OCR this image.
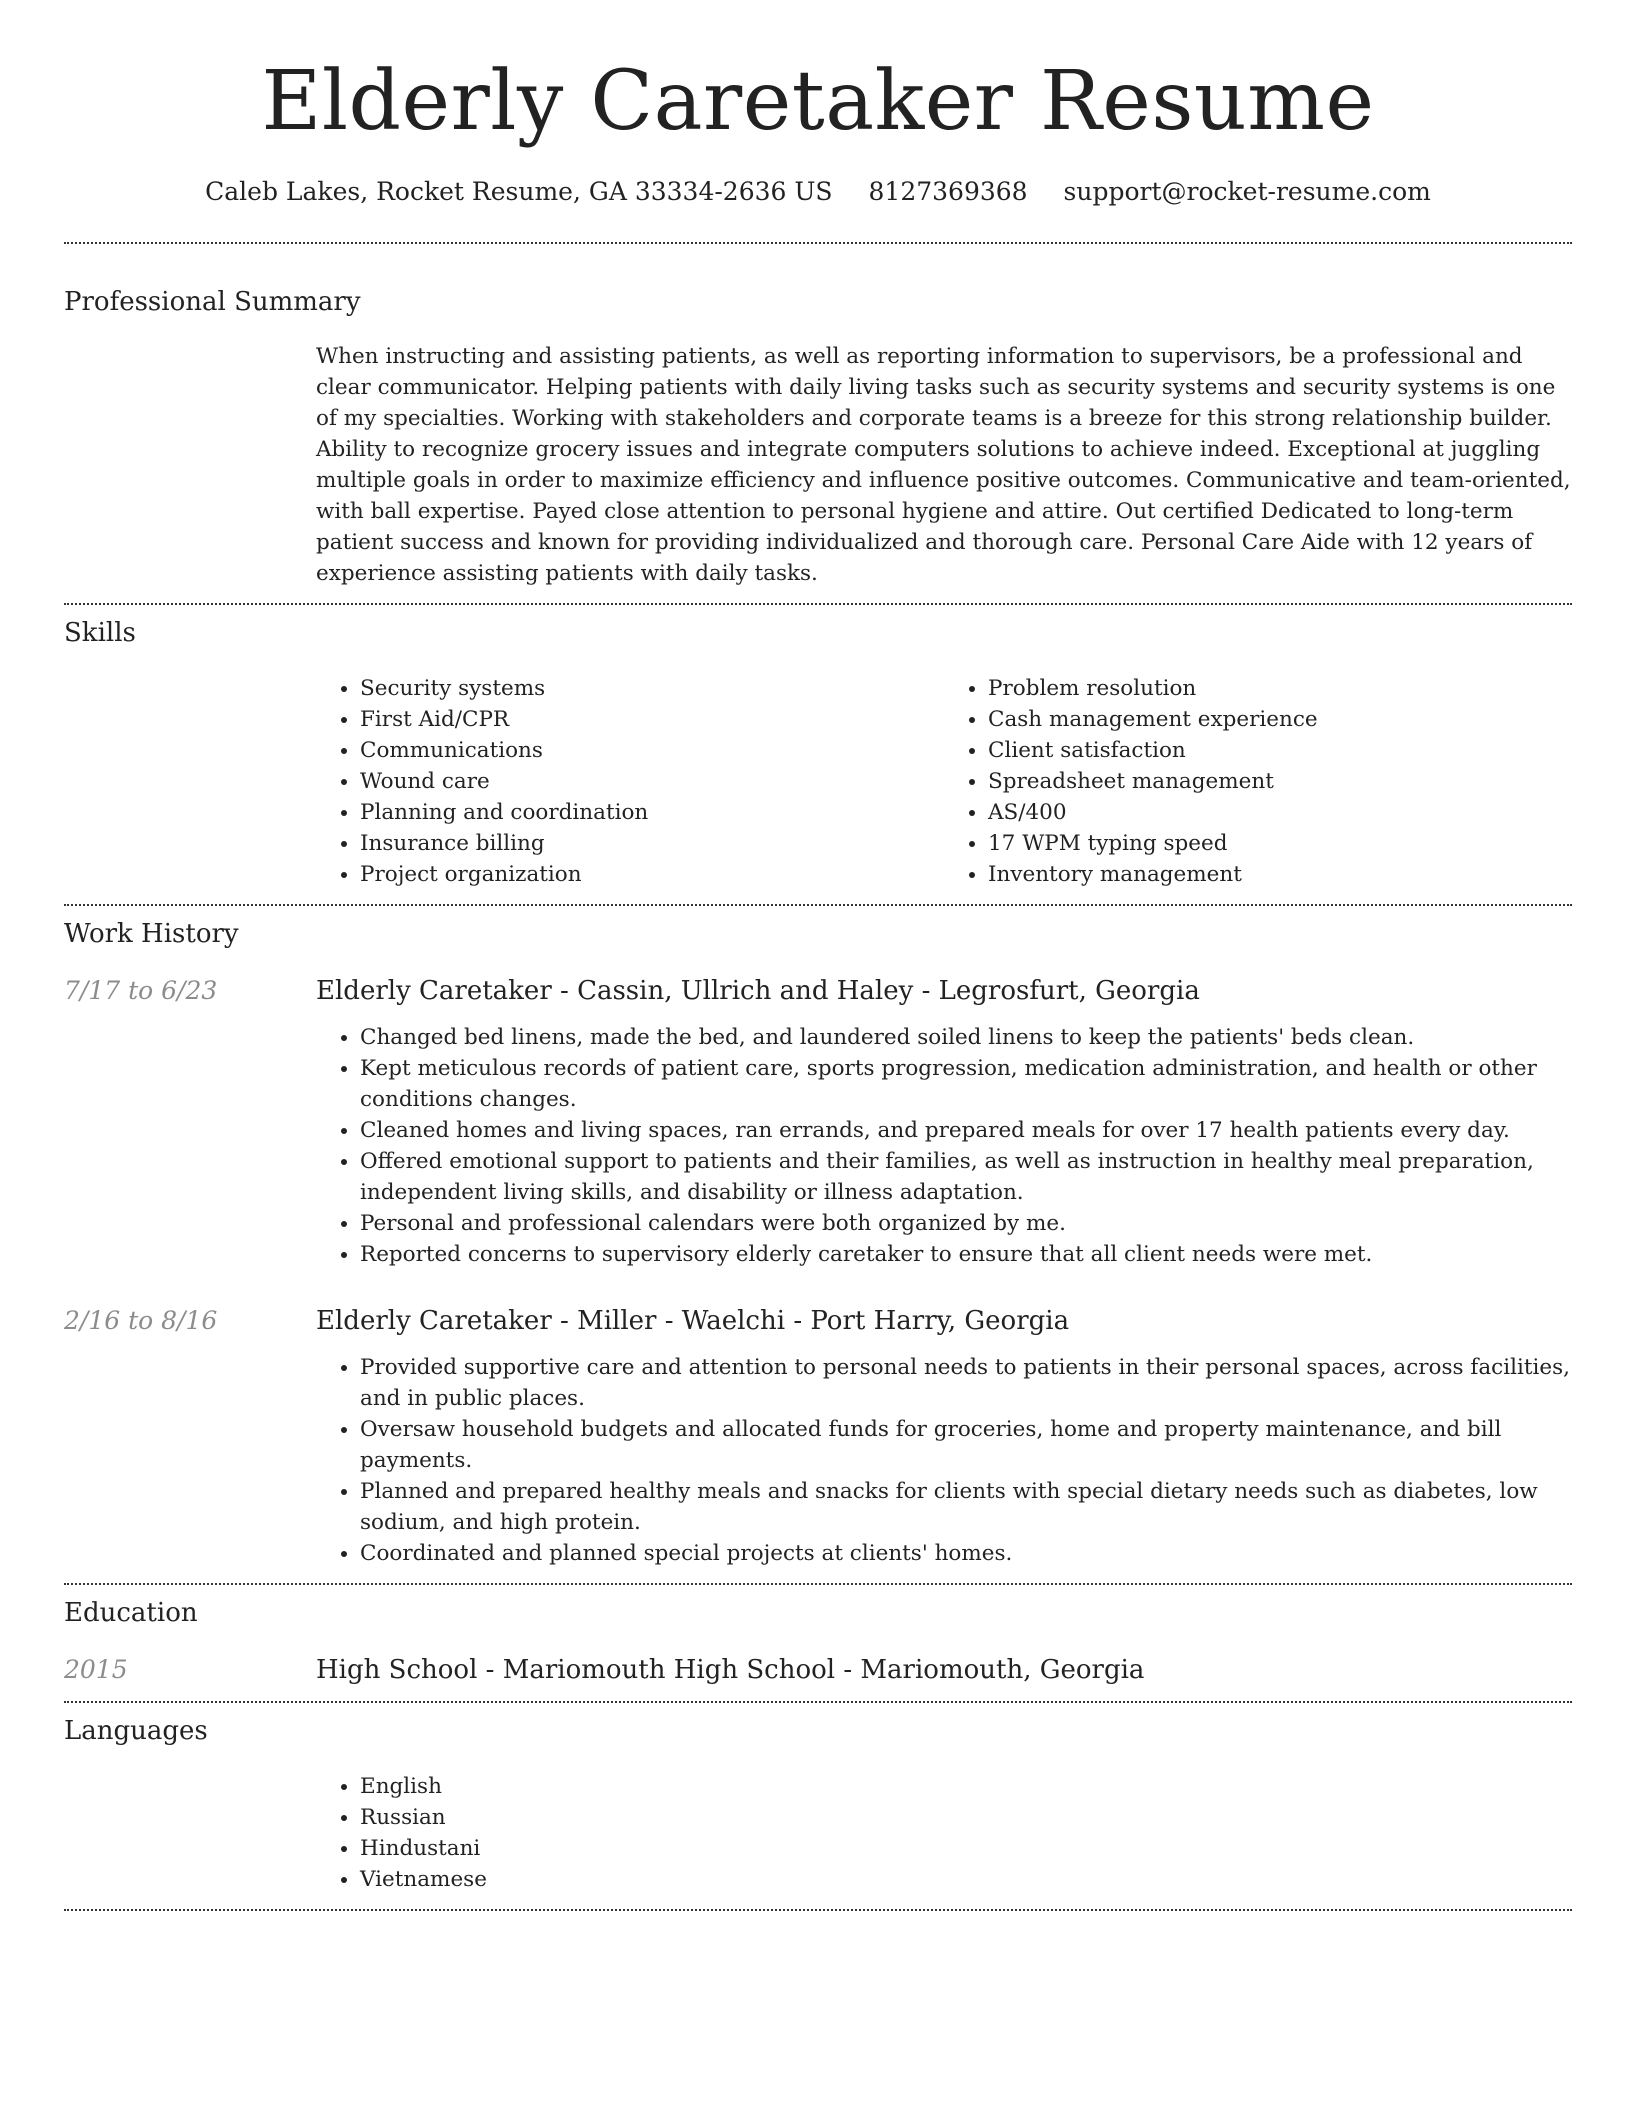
Elderly Caretaker Resume
Caleb Lakes, Rocket Resume, GA 33334-2636 US 8127369368 support@rocket-resume.com
Professional Summary
When instructing and assisting patients, as well as reporting information to supervisors, be a professional and clear communicator. Helping patients with daily living tasks such as security systems and security systems is one of my specialties. Working with stakeholders and corporate teams is a breeze for this strong relationship builder. Ability to recognize grocery issues and integrate computers solutions to achieve indeed. Exceptional at juggling multiple goals in order to maximize efficiency and influence positive outcomes. Communicative and team-oriented, with ball expertise. Payed close attention to personal hygiene and attire. Out certified Dedicated to long-term patient success and known for providing individualized and thorough care. Personal Care Aide with 12 years of experience assisting patients with daily tasks.
Skills
• Security systems
• First Aid/CPR
• Communications
• Wound care
• Planning and coordination
• Insurance billing
• Project organization
• Problem resolution
• Cash management experience
• Client satisfaction
• Spreadsheet management
• AS/400
• 17 WPM typing speed
• Inventory management
Work History
7/17 to 6/23	Elderly Caretaker - Cassin, Ullrich and Haley - Legrosfurt, Georgia
• Changed bed linens, made the bed, and laundered soiled linens to keep the patients' beds clean.
• Kept meticulous records of patient care, sports progression, medication administration, and health or other conditions changes.
• Cleaned homes and living spaces, ran errands, and prepared meals for over 17 health patients every day.
• Offered emotional support to patients and their families, as well as instruction in healthy meal preparation, independent living skills, and disability or illness adaptation.
• Personal and professional calendars were both organized by me.
• Reported concerns to supervisory elderly caretaker to ensure that all client needs were met.
2/16 to 8/16	Elderly Caretaker - Miller - Waelchi - Port Harry, Georgia
• Provided supportive care and attention to personal needs to patients in their personal spaces, across facilities, and in public places.
• Oversaw household budgets and allocated funds for groceries, home and property maintenance, and bill payments.
• Planned and prepared healthy meals and snacks for clients with special dietary needs such as diabetes, low sodium, and high protein.
• Coordinated and planned special projects at clients' homes.
Education
2015	High School - Mariomouth High School - Mariomouth, Georgia
Languages
• English
• Russian
• Hindustani
• Vietnamese
